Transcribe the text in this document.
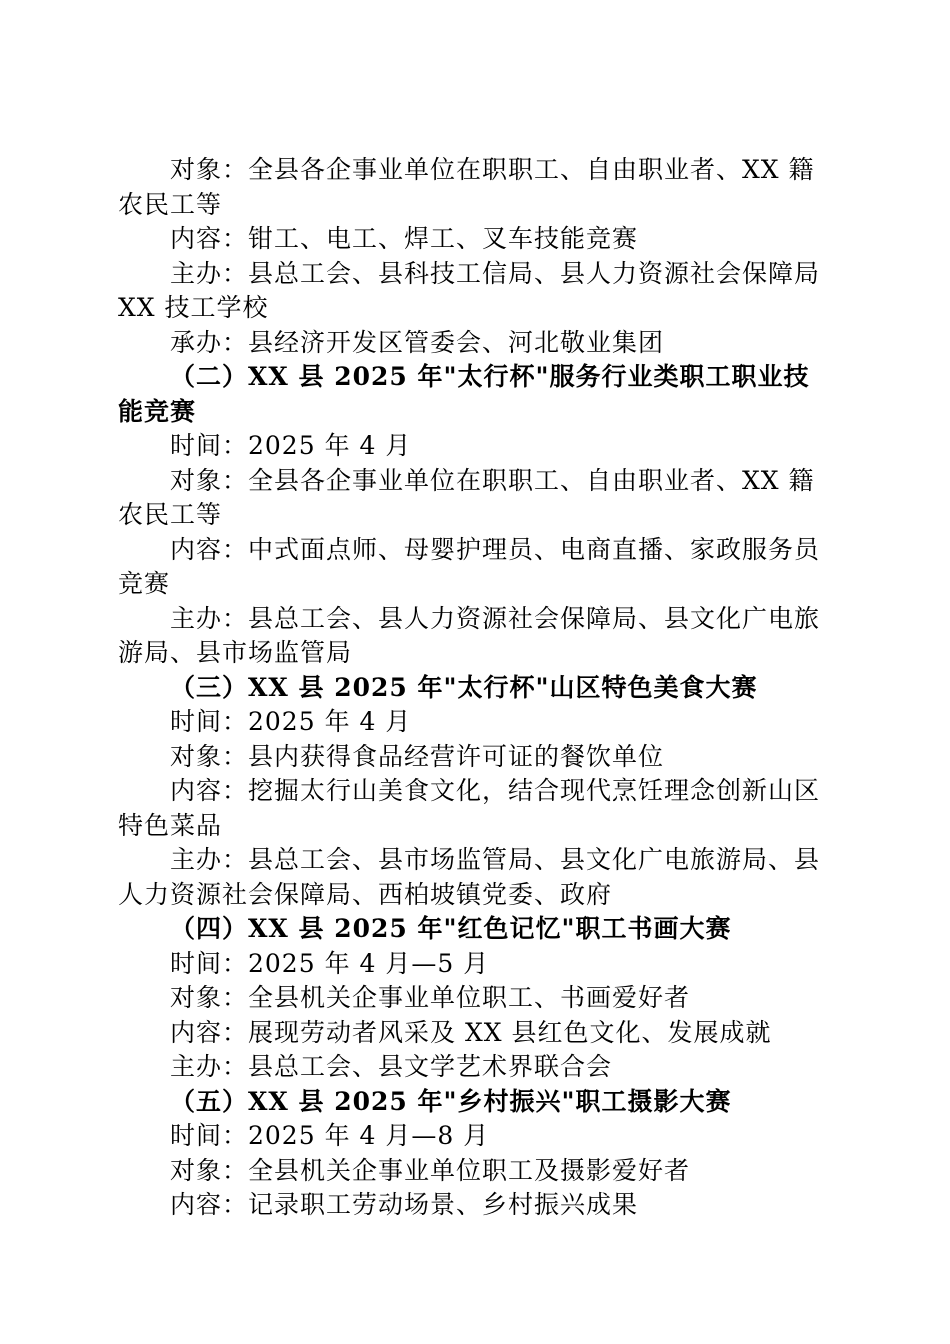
对象：全县各企事业单位在职职工、自由职业者、XX 籍农民工等

内容：钳工、电工、焊工、叉车技能竞赛

主办：县总工会、县科技工信局、县人力资源社会保障局 XX 技工学校

承办：县经济开发区管委会、河北敬业集团

（二）XX 县 2025 年"太行杯"服务行业类职工职业技能竞赛

时间：2025 年 4 月

对象：全县各企事业单位在职职工、自由职业者、XX 籍农民工等

内容：中式面点师、母婴护理员、电商直播、家政服务员竞赛

主办：县总工会、县人力资源社会保障局、县文化广电旅游局、县市场监管局

（三）XX 县 2025 年"太行杯"山区特色美食大赛

时间：2025 年 4 月

对象：县内获得食品经营许可证的餐饮单位

内容：挖掘太行山美食文化，结合现代烹饪理念创新山区特色菜品

主办：县总工会、县市场监管局、县文化广电旅游局、县人力资源社会保障局、西柏坡镇党委、政府

（四）XX 县 2025 年"红色记忆"职工书画大赛

时间：2025 年 4 月—5 月

对象：全县机关企事业单位职工、书画爱好者

内容：展现劳动者风采及 XX 县红色文化、发展成就

主办：县总工会、县文学艺术界联合会

（五）XX 县 2025 年"乡村振兴"职工摄影大赛

时间：2025 年 4 月—8 月

对象：全县机关企事业单位职工及摄影爱好者

内容：记录职工劳动场景、乡村振兴成果
